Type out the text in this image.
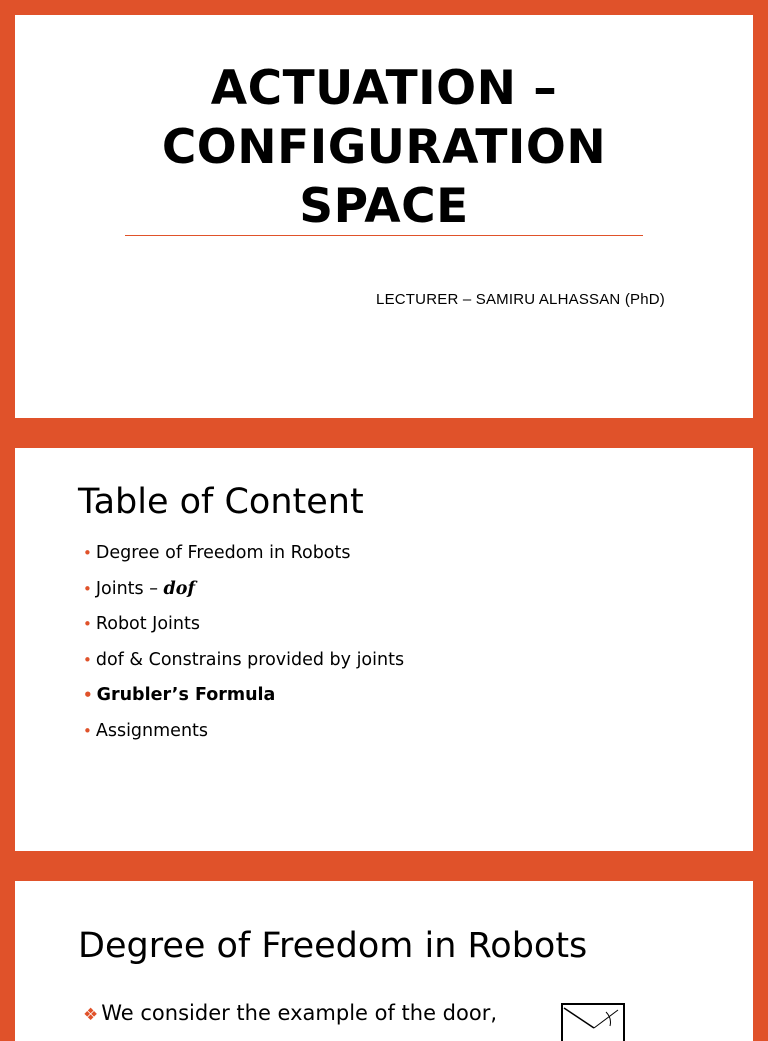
ACTUATION –
CONFIGURATION
SPACE
LECTURER – SAMIRU ALHASSAN (PhD)
Table of Content
• Degree of Freedom in Robots
• Joints – dof
• Robot Joints
• dof & Constrains provided by joints
• Grubler’s Formula
• Assignments
Degree of Freedom in Robots
❖ We consider the example of the door,
